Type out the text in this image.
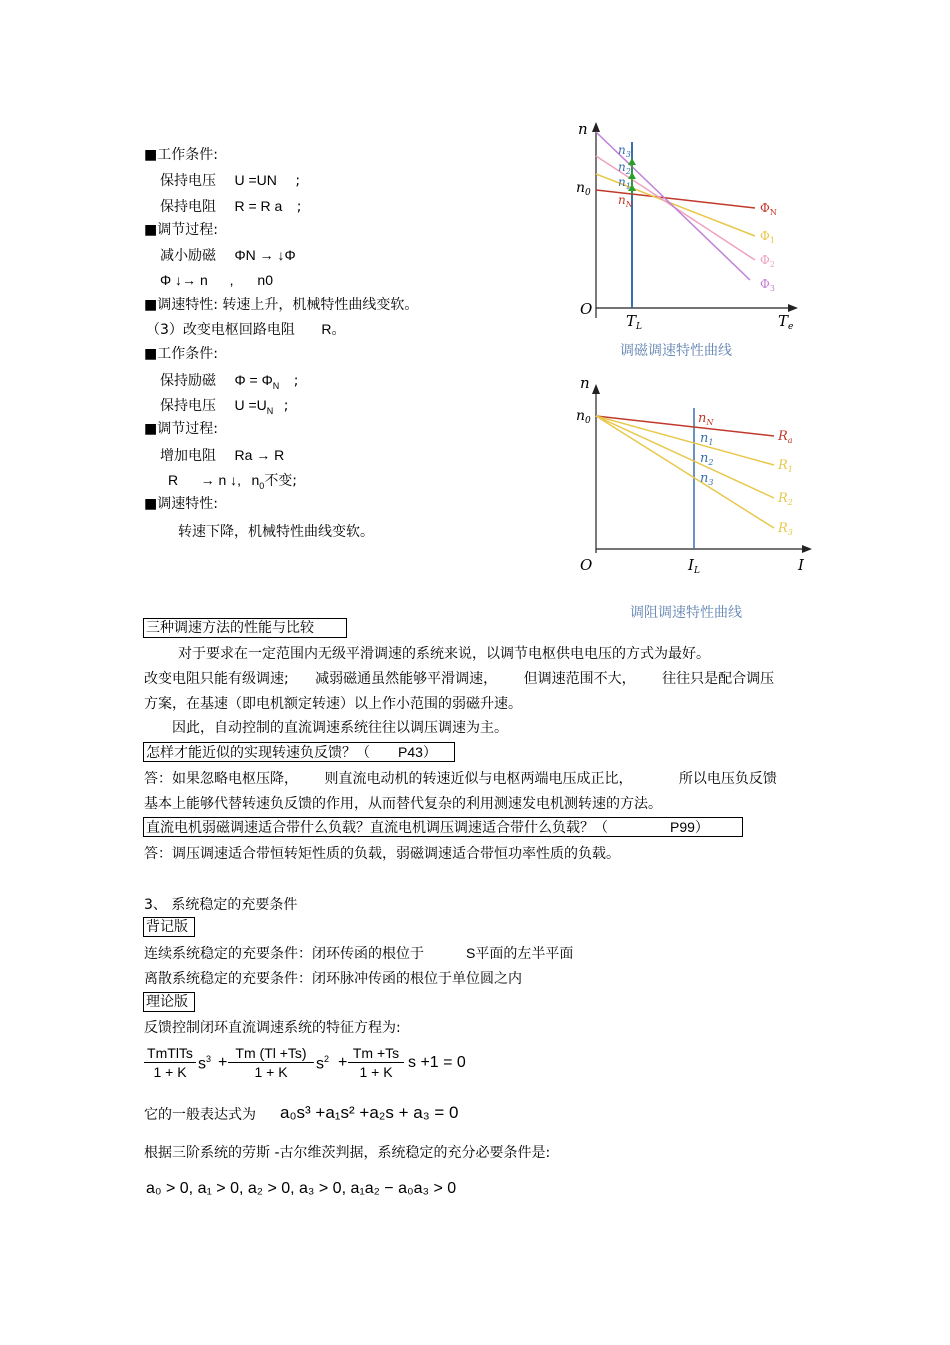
■工作条件:
保持电压 U =UN ;
保持电阻 R = R a ;
■调节过程:
减小励磁 ΦN → ↓Φ
Φ ↓→ n , n0
■调速特性: 转速上升，机械特性曲线变软。
（3）改变电枢回路电阻 R。
■工作条件:
保持励磁 $\Phi = \Phi_N$ ;
保持电压 $U =U_N$ ;
■调节过程:
增加电阻 Ra → R
R → n ↓, $n_0$不变;
■调速特性:
转速下降，机械特性曲线变软。
n
$n_0$
O
$T_L$	$T_e$
$n_3$
$n_2$
$n_1$
$n_N$	$\Phi_N$
$\Phi_1$
$\Phi_2$
$\Phi_3$
调磁调速特性曲线
n
$n_0$
O	$I_L$	I
$n_N$
$n_1$
$n_2$
$n_3$
$R_a$
$R_1$
$R_2$
$R_3$
调阻调速特性曲线
三种调速方法的性能与比较
对于要求在一定范围内无级平滑调速的系统来说，以调节电枢供电电压的方式为最好。
改变电阻只能有级调速; 减弱磁通虽然能够平滑调速， 但调速范围不大， 往往只是配合调压
方案，在基速（即电机额定转速）以上作小范围的弱磁升速。
因此，自动控制的直流调速系统往往以调压调速为主。
怎样才能近似的实现转速负反馈？（ P43）
答：如果忽略电枢压降， 则直流电动机的转速近似与电枢两端电压成正比，	所以电压负反馈
基本上能够代替转速负反馈的作用，从而替代复杂的利用测速发电机测转速的方法。
直流电机弱磁调速适合带什么负载？直流电机调压调速适合带什么负载？（	P99）
答：调压调速适合带恒转矩性质的负载，弱磁调速适合带恒功率性质的负载。
3、 系统稳定的充要条件
背记版
连续系统稳定的充要条件：闭环传函的根位于	S平面的左半平面
离散系统稳定的充要条件：闭环脉冲传函的根位于单位圆之内
理论版
反馈控制闭环直流调速系统的特征方程为:
TmTlTs
1 + K $s^3$ +
Tm (Tl +Ts)
1 + K	$s^2$ +
Tm +Ts
1 + K
s +1 = 0
它的一般表达式为 a₀s³ +a₁s² +a₂s + a₃ = 0
根据三阶系统的劳斯 -古尔维茨判据，系统稳定的充分必要条件是:
a₀ > 0, a₁ > 0, a₂ > 0, a₃ > 0, a₁a₂ − a₀a₃ > 0
